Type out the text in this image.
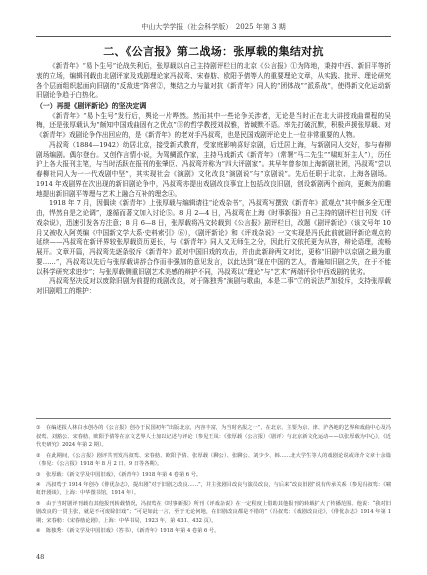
中山大学学报（社会科学版）　2025 年第 3 期
二、《公言报》第二战场：张厚载的集结对抗

《新青年》“易卜生号”论战失利后，张厚载以自己主持剧评栏目的北京《公言报》①为阵地，秉持中西、新旧平等折衷的立场，编辑刊载由北剧评家及戏剧理论家冯叔鸾、宋春舫、欧阳予倩等人的重要理论文章，从实践、批评、理论研究各个层面组织起面向旧剧的“反敌进”阵营②，集结之力与量对抗《新青年》同人的“团体战”“派系战”，使得新文化运动新旧剧论争趋于白热化。

（一）再提《剧评新论》的坚决定调

《新青年》“易卜生号”发行后，舆论一片哗然。然而其中一些论争关涉者，无论是当时正在北大讲授戏曲课程的吴梅，还是张厚载认为“颇知中国戏曲固有之优点”③的哲学教授刘叔雅，皆缄默不语。率先打破沉默，积极声援张厚载、对《新青年》戏剧论争作出回应的，是《新青年》的老对手冯叔鸾，也是民国戏剧评论史上一位非常重要的人物。

冯叔鸾（1884—1942）幼居北京，接受新式教育，受家庭影响喜好京剧，后迁居上海，与新剧同人交好，参与春柳剧场编剧。偶尔登台。又创作言情小说，为驾鲷派作家，主持马戏新式《新青年》（常署“马二先生”“啸虹轩主人”），历任沪上各大报刊主笔，与当时活跃在报刊的张肇臣、冯叔鸾并称为“四大评剧家”。其早年曾参加上海新剧社团，冯叔鸾“尝以春柳社同人为一一代戏剧中坚”，其实现社会《演剧》文化改良“演剧说”与“京剧说”。先后任职于北京、上海各剧场。1914 年戏剧界在次出现的新旧剧论争中，冯叔鸾亦提出戏剧改良事宜上包括改良旧剧，创设新剧两个面向，更颇为前瞻地提出新旧剧平等理与艺术上融合互补的理念④。

1918 年 7 月，因偶读《新青年》上张厚载与编辑请往“论戏杂书”，冯叔鸾写撰致《新青年》派观点”其中颇多全无理由，悍然自是之论调”，遂循而著文加入讨论⑤。8 月 2—4 日，冯叔鸾在上海《时事新报》自己主持的剧评栏目刊发《评戏杂说》，迅速引发各方注意；8 月 6—8 日，张厚载将冯文转载到《公言报》剧评栏目，改题《剧评新论》（该文号年 10 月又被收入阿英编《中国新文学大系·史料索引》⑥），《剧评新论》和《评戏杂说》一文实现是冯氏此前就剧评新论观点的延续——冯叔鸾在新评界较张厚载资历更长，与《新青年》同人又无师生之分，因此行文依托更为从容，辩论语理，流畅展开。文章开篇，冯叔鸾先逐条驳斥《新青年》派对中国旧戏的攻击，并由此新辟两文对比，更称“旧剧中以京剧之最为重要……”，冯叔鸾以先后与张厚载讲辞合作而非强加的意见发言，以此达到“现在中国的艺人，普遍知旧剧之失，在于不能以科学研究求进步”；与张厚载侧重旧剧艺术美感的辩护不同，冯叔鸾以“理论”与“艺术”两端评价中西戏剧的优劣。

冯叔鸾坚决反对以废除旧剧为前提的戏剧改良，对于陈独秀“演剧与歌曲，本是二事”⑦的说法严加驳斥，支持张厚载对旧剧唱工的维护：

① 在编述报人林白水创办的《公言报》创办于民国初年“出版北京，内容丰富，为当时名报之一”，在北京，主要为京、津、沪各地的艺界和戏曲中心及冯叔鸾、刘豁公、宋春舫、欧阳予倩等在京文艺界人士加以记述与评论（参见王凤：《张厚载（公言报）〈剧评〉与北京新文化运动——以张厚载为中心》，《近代史研究》2024 年第 2 期）。
② 在此期间，《公言报》剧评共刊发冯叔鸾、宋春舫、欧阳予倩、张厚载（聊公）、张聊公、刘少少、韩……北大学生等人的戏剧论说或译介文章十余篇（参见：《公言报》1918 年 8 月 2 日、9 日等各期）。
③ 张厚载：《新文学及中国旧戏》，《新青年》1918 年第 4 卷第 6 号。
④ 冯叔鸾于 1914 年创办《俳优杂志》，提出剧“对于旧剧之改良……”，并主张剧目改良与演员改良，与后来“改良旧剧”说有传承关系（参见冯叔鸾：《啸虹轩剧谈》，上海：中华图书馆，1914 年）。
⑤ 由于当时剧评刊载有其他报刊转载情况，冯叔鸾在《时事新报》所刊《评戏杂说》在一定程度上借助其他报刊的转载扩大了传播范围。他说：“我对旧剧改良的一贯主张，就是不可废除旧戏”；“可是如此一言，至于无论何地，在旧剧改良都是不错的”（冯叔鸾：《戏剧改良论》，《俳优杂志》1914 年第 1 期；宋春舫：《宋春舫论剧》，上海：中华书局，1923 年，第 431、432 页）。
⑥ 陈独秀：《新文学及中国旧戏》（答书），《新青年》1918 年第 4 卷第 6 号。
48
